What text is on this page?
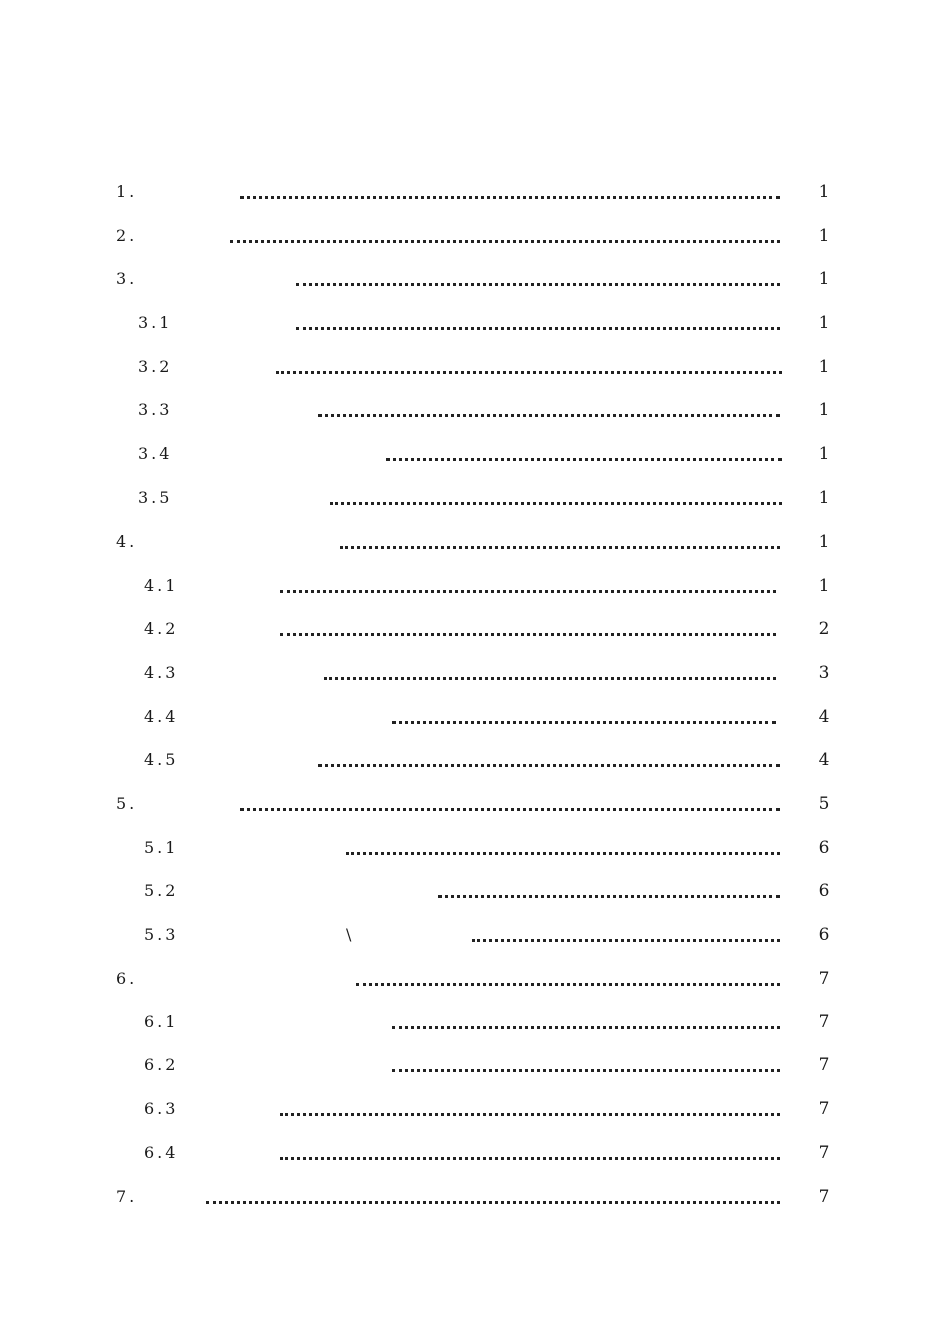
1.	1
2.	1
3.	1
3.1	1
3.2	1
3.3	1
3.4	1
3.5	1
4.	1
4.1	1
4.2	2
4.3	3
4.4	4
4.5	4
5.	5
5.1	6
5.2	6
5.3	\	6
6.	7
6.1	7
6.2	7
6.3	7
6.4	7
7.	7
